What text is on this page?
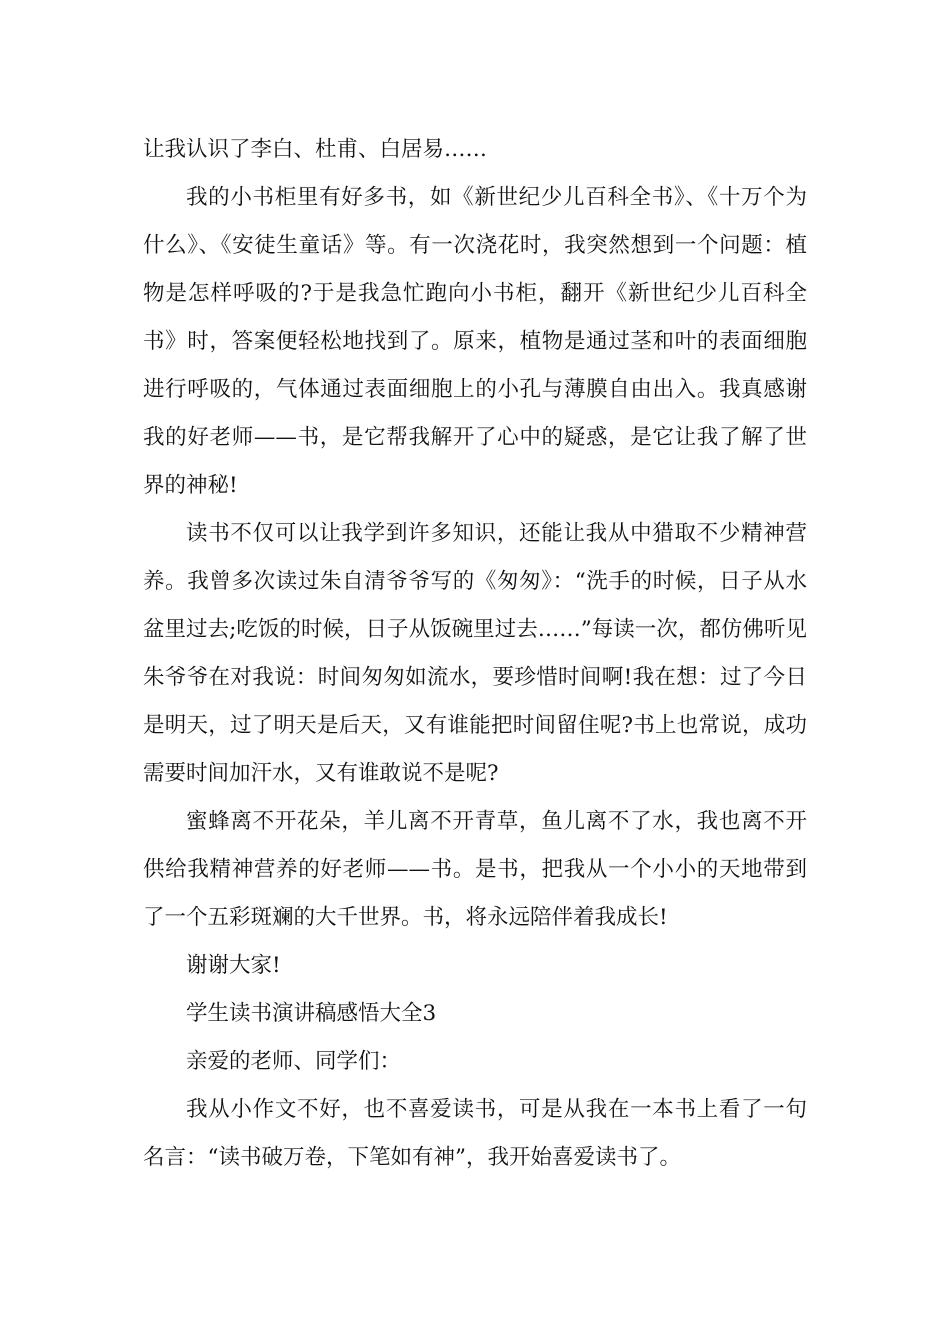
让我认识了李白、杜甫、白居易……

我的小书柜里有好多书，如《新世纪少儿百科全书》、《十万个为什么》、《安徒生童话》等。有一次浇花时，我突然想到一个问题：植物是怎样呼吸的?于是我急忙跑向小书柜，翻开《新世纪少儿百科全书》时，答案便轻松地找到了。原来，植物是通过茎和叶的表面细胞进行呼吸的，气体通过表面细胞上的小孔与薄膜自由出入。我真感谢我的好老师——书，是它帮我解开了心中的疑惑，是它让我了解了世界的神秘!

读书不仅可以让我学到许多知识，还能让我从中猎取不少精神营养。我曾多次读过朱自清爷爷写的《匆匆》：“洗手的时候，日子从水盆里过去;吃饭的时候，日子从饭碗里过去……”每读一次，都仿佛听见朱爷爷在对我说：时间匆匆如流水，要珍惜时间啊!我在想：过了今日是明天，过了明天是后天，又有谁能把时间留住呢?书上也常说，成功需要时间加汗水，又有谁敢说不是呢?

蜜蜂离不开花朵，羊儿离不开青草，鱼儿离不了水，我也离不开供给我精神营养的好老师——书。是书，把我从一个小小的天地带到了一个五彩斑斓的大千世界。书，将永远陪伴着我成长!

谢谢大家!

学生读书演讲稿感悟大全3

亲爱的老师、同学们：

我从小作文不好，也不喜爱读书，可是从我在一本书上看了一句名言：“读书破万卷，下笔如有神”，我开始喜爱读书了。
